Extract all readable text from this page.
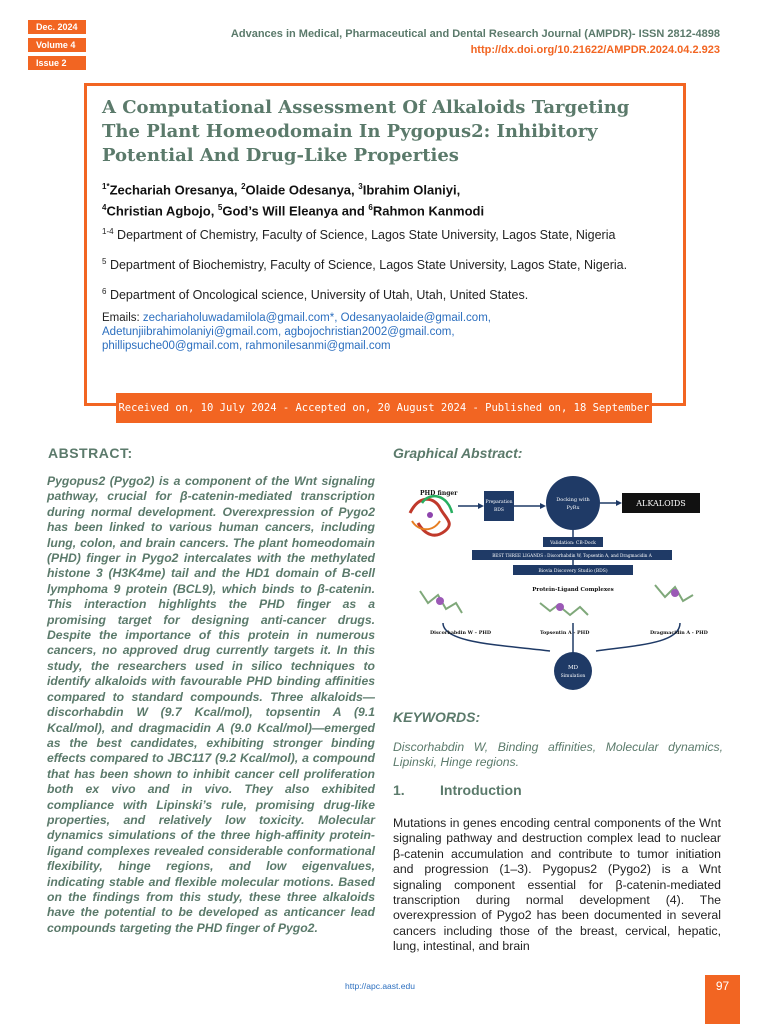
Dec. 2024
Volume 4
Issue 2
Advances in Medical, Pharmaceutical and Dental Research Journal (AMPDR)- ISSN 2812-4898
http://dx.doi.org/10.21622/AMPDR.2024.04.2.923
A Computational Assessment Of Alkaloids Targeting The Plant Homeodomain In Pygopus2: Inhibitory Potential And Drug-Like Properties
$^{1*}$Zechariah Oresanya, $^2$Olaide Odesanya, $^3$Ibrahim Olaniyi,
$^4$Christian Agbojo, $^5$God’s Will Eleanya and $^6$Rahmon Kanmodi
$^{1-4}$ Department of Chemistry, Faculty of Science, Lagos State University, Lagos State, Nigeria
$^5$ Department of Biochemistry, Faculty of Science, Lagos State University, Lagos State, Nigeria.
$^6$ Department of Oncological science, University of Utah, Utah, United States.
Emails: zechariaholuwadamilola@gmail.com*, Odesanyaolaide@gmail.com,
Adetunjiibrahimolaniyi@gmail.com, agbojochristian2002@gmail.com,
phillipsuche00@gmail.com, rahmonilesanmi@gmail.com
Received on, 10 July 2024 - Accepted on, 20 August 2024 - Published on, 18 September 2024
ABSTRACT:

Pygopus2 (Pygo2) is a component of the Wnt signaling pathway, crucial for β-catenin-mediated transcription during normal development. Overexpression of Pygo2 has been linked to various human cancers, including lung, colon, and brain cancers. The plant homeodomain (PHD) finger in Pygo2 intercalates with the methylated histone 3 (H3K4me) tail and the HD1 domain of B-cell lymphoma 9 protein (BCL9), which binds to β-catenin. This interaction highlights the PHD finger as a promising target for designing anti-cancer drugs. Despite the importance of this protein in numerous cancers, no approved drug currently targets it. In this study, the researchers used in silico techniques to identify alkaloids with favourable PHD binding affinities compared to standard compounds. Three alkaloids—discorhabdin W (9.7 Kcal/mol), topsentin A (9.1 Kcal/mol), and dragmacidin A (9.0 Kcal/mol)—emerged as the best candidates, exhibiting stronger binding effects compared to JBC117 (9.2 Kcal/mol), a compound that has been shown to inhibit cancer cell proliferation both ex vivo and in vivo. They also exhibited compliance with Lipinski’s rule, promising drug-like properties, and relatively low toxicity. Molecular dynamics simulations of the three high-affinity protein-ligand complexes revealed considerable conformational flexibility, hinge regions, and low eigenvalues, indicating stable and flexible molecular motions. Based on the findings from this study, these three alkaloids have the potential to be developed as anticancer lead compounds targeting the PHD finger of Pygo2.

Graphical Abstract:
PHD finger
Preparation
BDS
Docking with
PyRx	ALKALOIDS
Validation: CB-Dock
BEST THREE LIGANDS : Discorhabdin W, Topsentin A, and Dragmacidin A
Biovia Discovery Studio (BDS)
Protein-Ligand Complexes
Discorhabdin W – PHD	Topsentin A - PHD	Dragmacidin A - PHD
MD
Simulation
KEYWORDS:

Discorhabdin W, Binding affinities, Molecular dynamics, Lipinski, Hinge regions.

1.	Introduction

Mutations in genes encoding central components of the Wnt signaling pathway and destruction complex lead to nuclear β-catenin accumulation and contribute to tumor initiation and progression (1–3). Pygopus2 (Pygo2) is a Wnt signaling component essential for β-catenin-mediated transcription during normal development (4). The overexpression of Pygo2 has been documented in several cancers including those of the breast, cervical, hepatic, lung, intestinal, and brain

http://apc.aast.edu	97
